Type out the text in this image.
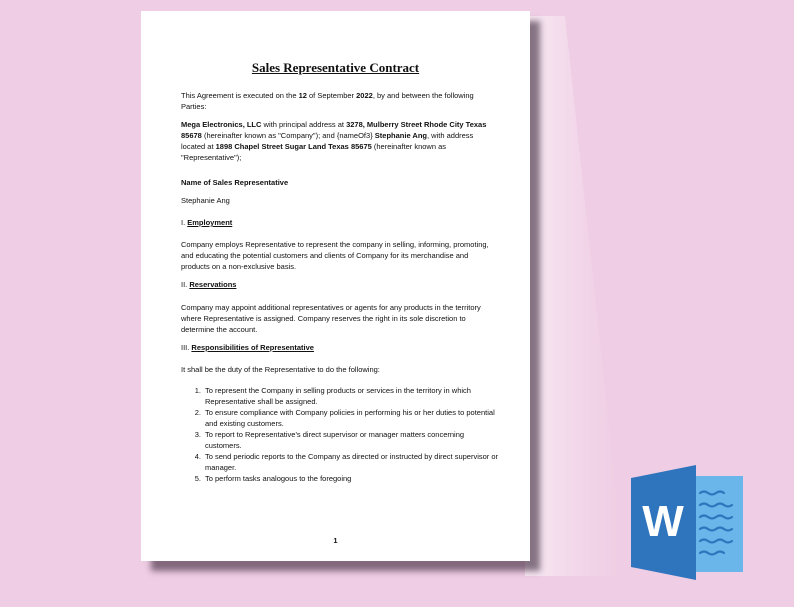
Sales Representative Contract

This Agreement is executed on the 12 of September 2022, by and between the following Parties:

Mega Electronics, LLC with principal address at 3278, Mulberry Street Rhode City Texas 85678 (hereinafter known as "Company"); and {nameOf3} Stephanie Ang, with address located at 1898 Chapel Street Sugar Land Texas 85675 (hereinafter known as "Representative");

Name of Sales Representative

Stephanie Ang

I. Employment

Company employs Representative to represent the company in selling, informing, promoting, and educating the potential customers and clients of Company for its merchandise and products on a non-exclusive basis.

II. Reservations

Company may appoint additional representatives or agents for any products in the territory where Representative is assigned. Company reserves the right in its sole discretion to determine the account.

III. Responsibilities of Representative

It shall be the duty of the Representative to do the following:

1. To represent the Company in selling products or services in the territory in which Representative shall be assigned.
2. To ensure compliance with Company policies in performing his or her duties to potential and existing customers.
3. To report to Representative's direct supervisor or manager matters concerning customers.
4. To send periodic reports to the Company as directed or instructed by direct supervisor or manager.
5. To perform tasks analogous to the foregoing
1	W
